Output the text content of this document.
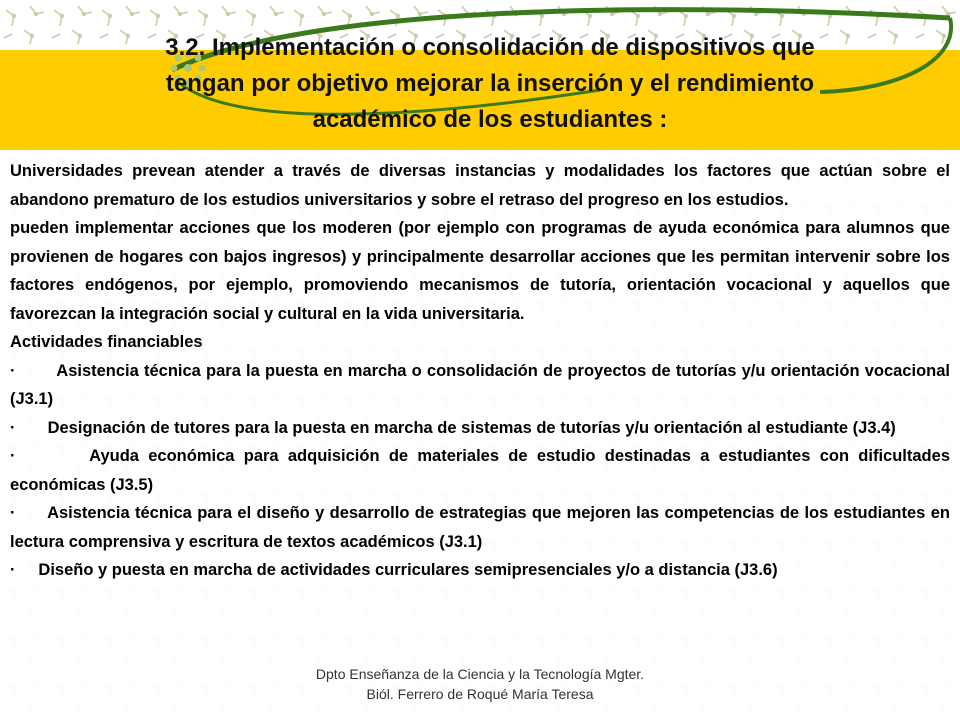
3.2. Implementación o consolidación de dispositivos que tengan por objetivo mejorar la inserción y el rendimiento académico de los estudiantes :

Universidades prevean atender a través de diversas instancias y modalidades los factores que actúan sobre el abandono prematuro de los estudios universitarios y sobre el retraso del progreso en los estudios.

pueden implementar acciones que los moderen (por ejemplo con programas de ayuda económica para alumnos que provienen de hogares con bajos ingresos) y principalmente desarrollar acciones que les permitan intervenir sobre los factores endógenos, por ejemplo, promoviendo mecanismos de tutoría, orientación vocacional y aquellos que favorezcan la integración social y cultural en la vida universitaria.

Actividades financiables

· Asistencia técnica para la puesta en marcha o consolidación de proyectos de tutorías y/u orientación vocacional (J3.1)

· Designación de tutores para la puesta en marcha de sistemas de tutorías y/u orientación al estudiante (J3.4)

·	Ayuda económica para adquisición de materiales de estudio destinadas a estudiantes con dificultades económicas (J3.5)

· Asistencia técnica para el diseño y desarrollo de estrategias que mejoren las competencias de los estudiantes en lectura comprensiva y escritura de textos académicos (J3.1)

· Diseño y puesta en marcha de actividades curriculares semipresenciales y/o a distancia (J3.6)

Dpto Enseñanza de la Ciencia y la Tecnología Mgter. Biól. Ferrero de Roqué María Teresa
